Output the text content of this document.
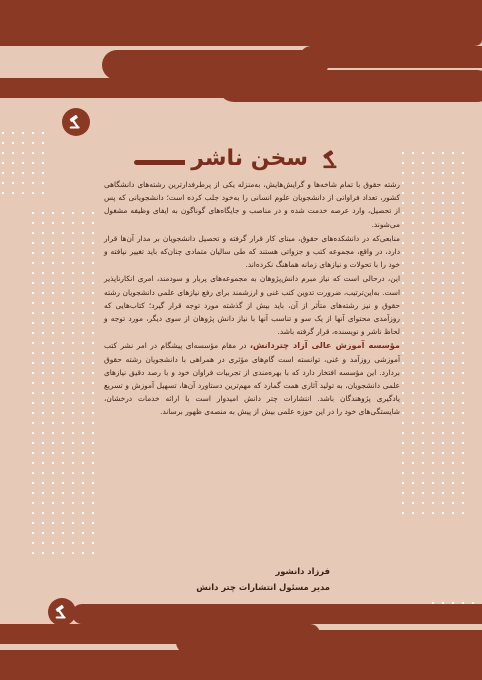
سخن ناشر

رشته حقوق با تمام شاخه‌ها و گرایش‌هایش، به‌منزله یکی از پرطرفدارترین رشته‌های دانشگاهی کشور، تعداد فراوانی از دانشجویان علوم انسانی را به‌خود جلب کرده است؛ دانشجویانی که پس از تحصیل، وارد عرصه خدمت شده و در مناصب و جایگاه‌های گوناگون به ایفای وظیفه مشغول می‌شوند.

منابعی‌که در دانشکده‌های حقوق، مبنای کار قرار گرفته و تحصیل دانشجویان بر مدار آن‌ها قرار دارد، در واقع، مجموعه کتب و جزواتی هستند که طی سالیان متمادی چنان‌که باید تغییر نیافته و خود را با تحولات و نیازهای زمانه هماهنگ نکرده‌اند.

این، درحالی است که نیاز مبرم دانش‌پژوهان به مجموعه‌های پربار و سودمند، امری انکارناپذیر است. به‌این‌ترتیب، ضرورت تدوین کتب غنی و ارزشمند برای رفع نیازهای علمی دانشجویان رشته حقوق و نیز رشته‌های متأثر از آن، باید بیش از گذشته مورد توجه قرار گیرد؛ کتاب‌هایی که روزآمدی محتوای آنها از یک سو و تناسب آنها با نیاز دانش پژوهان از سوی دیگر، مورد توجه و لحاظ ناشر و نویسنده، قرار گرفته باشد.

مؤسسه آموزش عالی آزاد چتردانش، در مقام مؤسسه‌ای پیشگام در امر نشر کتب آموزشی روزآمد و غنی، توانسته است گام‌های مؤثری در همراهی با دانشجویان رشته حقوق بردارد. این مؤسسه افتخار دارد که با بهره‌مندی از تجربیات فراوان خود و با رصد دقیق نیازهای علمی دانشجویان، به تولید آثاری همت گمارد که مهم‌ترین دستاورد آن‌ها، تسهیل آموزش و تسریع یادگیری پژوهندگان باشد. انتشارات چتر دانش امیدوار است با ارائه خدمات درخشان، شایستگی‌های خود را در این حوزه علمی بیش از پیش به منصه‌ی ظهور برساند.

فرزاد دانشور
مدیر مسئول انتشارات چتر دانش
